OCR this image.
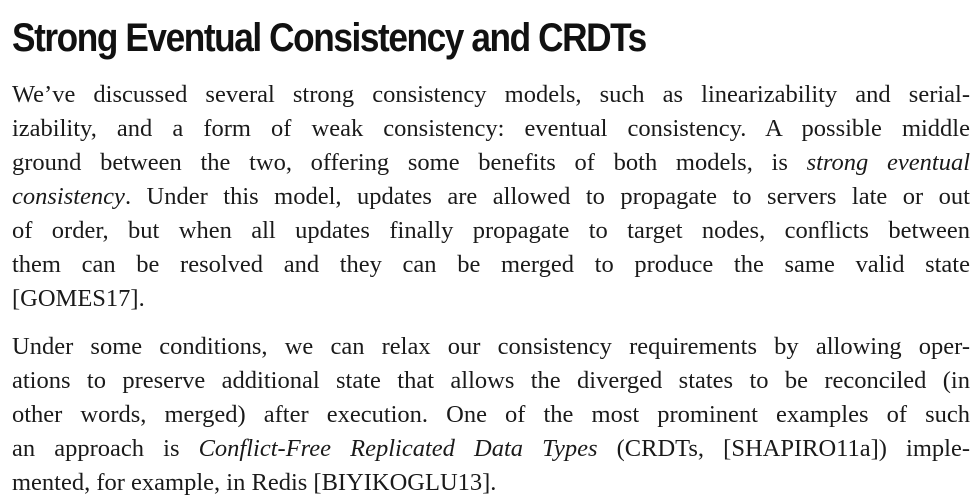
Strong Eventual Consistency and CRDTs

We’ve discussed several strong consistency models, such as linearizability and serial-
izability, and a form of weak consistency: eventual consistency. A possible middle
ground between the two, offering some benefits of both models, is strong eventual
consistency. Under this model, updates are allowed to propagate to servers late or out
of order, but when all updates finally propagate to target nodes, conflicts between
them can be resolved and they can be merged to produce the same valid state
[GOMES17].

Under some conditions, we can relax our consistency requirements by allowing oper-
ations to preserve additional state that allows the diverged states to be reconciled (in
other words, merged) after execution. One of the most prominent examples of such
an approach is Conflict-Free Replicated Data Types (CRDTs, [SHAPIRO11a]) imple-
mented, for example, in Redis [BIYIKOGLU13].
